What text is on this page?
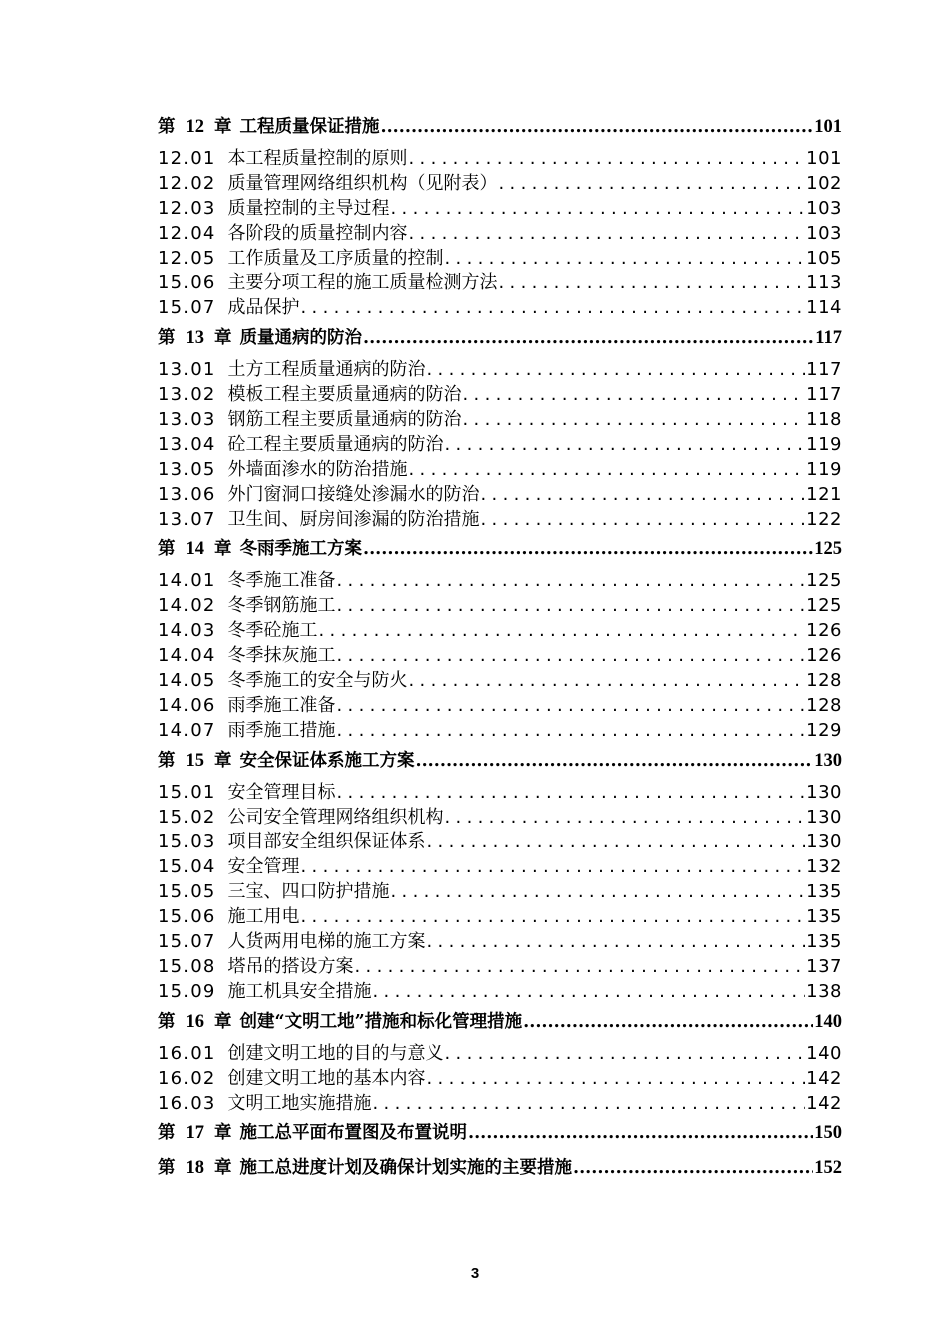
第 12 章 工程质量保证措施 .....	101
12.01 本工程质量控制的原则 .....	101
12.02 质量管理网络组织机构（见附表） .....	102
12.03 质量控制的主导过程 .....	103
12.04 各阶段的质量控制内容 .....	103
12.05 工作质量及工序质量的控制 .....	105
15.06 主要分项工程的施工质量检测方法 .....	113
15.07 成品保护 .....	114
第 13 章 质量通病的防治 .....	117
13.01 土方工程质量通病的防治 .....	117
13.02 模板工程主要质量通病的防治 .....	117
13.03 钢筋工程主要质量通病的防治 .....	118
13.04 砼工程主要质量通病的防治 .....	119
13.05 外墙面渗水的防治措施 .....	119
13.06 外门窗洞口接缝处渗漏水的防治 .....	121
13.07 卫生间、厨房间渗漏的防治措施 .....	122
第 14 章 冬雨季施工方案 .....	125
14.01 冬季施工准备 .....	125
14.02 冬季钢筋施工 .....	125
14.03 冬季砼施工 .....	126
14.04 冬季抹灰施工 .....	126
14.05 冬季施工的安全与防火 .....	128
14.06 雨季施工准备 .....	128
14.07 雨季施工措施 .....	129
第 15 章 安全保证体系施工方案 .....	130
15.01 安全管理目标 .....	130
15.02 公司安全管理网络组织机构 .....	130
15.03 项目部安全组织保证体系 .....	130
15.04 安全管理 .....	132
15.05 三宝、四口防护措施 .....	135
15.06 施工用电 .....	135
15.07 人货两用电梯的施工方案 .....	135
15.08 塔吊的搭设方案 .....	137
15.09 施工机具安全措施 .....	138
第 16 章 创建“文明工地”措施和标化管理措施 .....	140
16.01 创建文明工地的目的与意义 .....	140
16.02 创建文明工地的基本内容 .....	142
16.03 文明工地实施措施 .....	142
第 17 章 施工总平面布置图及布置说明 .....	150
第 18 章 施工总进度计划及确保计划实施的主要措施 .....	152
3
